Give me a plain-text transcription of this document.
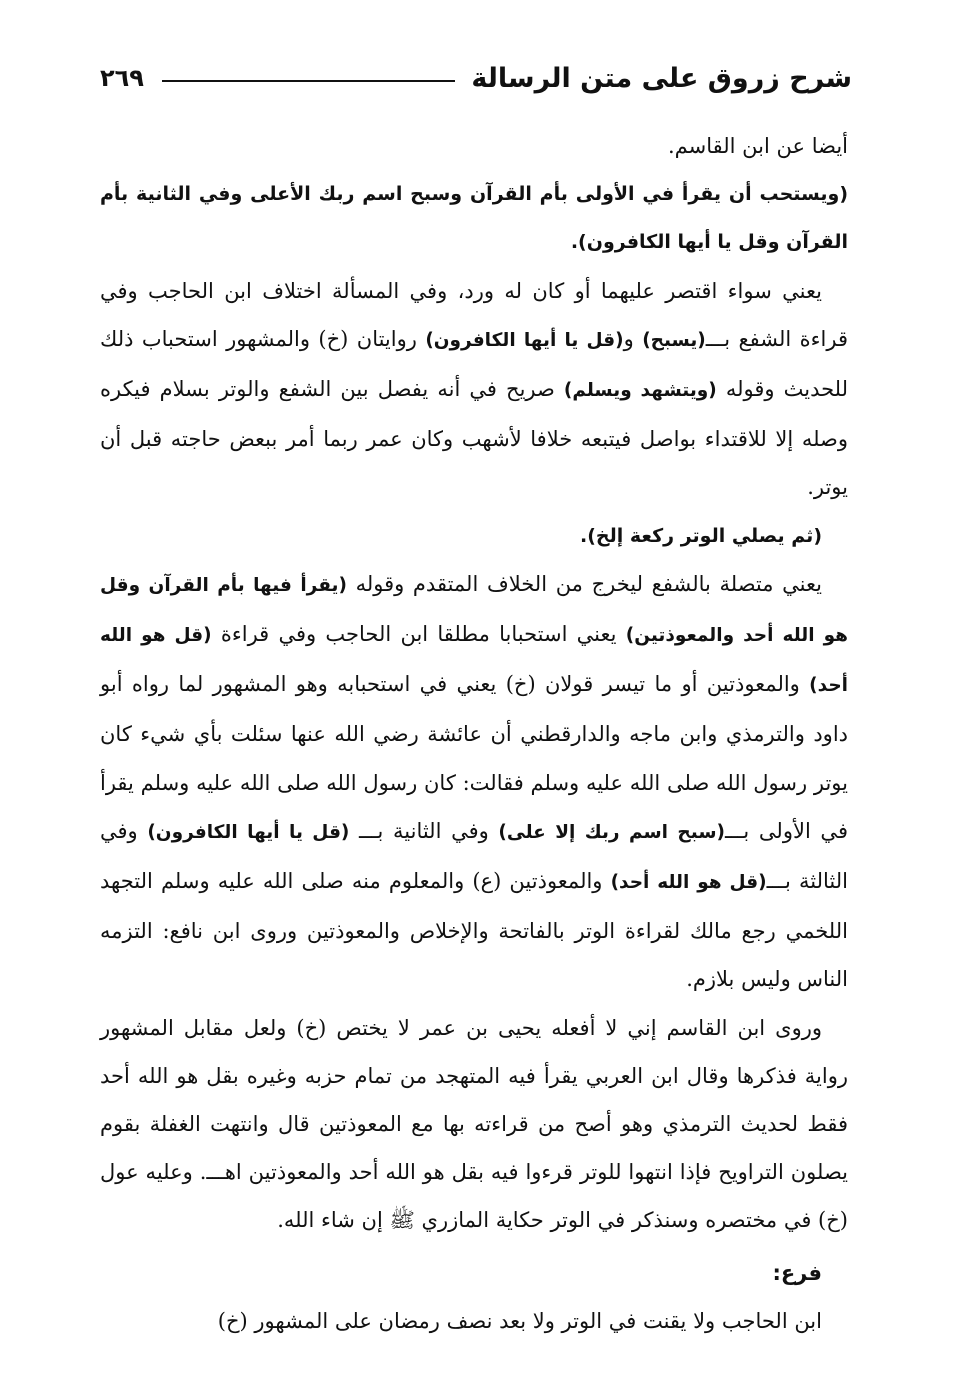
شرح زروق على متن الرسالة
٢٦٩

أيضا عن ابن القاسم.

(ويستحب أن يقرأ في الأولى بأم القرآن وسبح اسم ربك الأعلى وفي الثانية بأم القرآن وقل يا أيها الكافرون).

يعني سواء اقتصر عليهما أو كان له ورد، وفي المسألة اختلاف ابن الحاجب وفي قراءة الشفع بـــ(يسبح) و(قل يا أيها الكافرون) روايتان (خ) والمشهور استحباب ذلك للحديث وقوله (ويتشهد ويسلم) صريح في أنه يفصل بين الشفع والوتر بسلام فيكره وصله إلا للاقتداء بواصل فيتبعه خلافا لأشهب وكان عمر ربما أمر ببعض حاجته قبل أن يوتر.

(ثم يصلي الوتر ركعة إلخ).

يعني متصلة بالشفع ليخرج من الخلاف المتقدم وقوله (يقرأ فيها بأم القرآن وقل هو الله أحد والمعوذتين) يعني استحبابا مطلقا ابن الحاجب وفي قراءة (قل هو الله أحد) والمعوذتين أو ما تيسر قولان (خ) يعني في استحبابه وهو المشهور لما رواه أبو داود والترمذي وابن ماجه والدارقطني أن عائشة رضي الله عنها سئلت بأي شيء كان يوتر رسول الله صلى الله عليه وسلم فقالت: كان رسول الله صلى الله عليه وسلم يقرأ في الأولى بـــ(سبح اسم ربك إلا على) وفي الثانية بـــ (قل يا أيها الكافرون) وفي الثالثة بـــ(قل هو الله أحد) والمعوذتين (ع) والمعلوم منه صلى الله عليه وسلم التجهد اللخمي رجع مالك لقراءة الوتر بالفاتحة والإخلاص والمعوذتين وروى ابن نافع: التزمه الناس وليس بلازم.

وروى ابن القاسم إني لا أفعله يحيى بن عمر لا يختص (خ) ولعل مقابل المشهور رواية فذكرها وقال ابن العربي يقرأ فيه المتهجد من تمام حزبه وغيره بقل هو الله أحد فقط لحديث الترمذي وهو أصح من قراءته بها مع المعوذتين قال وانتهت الغفلة بقوم يصلون التراويح فإذا انتهوا للوتر قرءوا فيه بقل هو الله أحد والمعوذتين اهـــ. وعليه عول (خ) في مختصره وسنذكر في الوتر حكاية المازري ﷺ إن شاء الله.

فرع:

ابن الحاجب ولا يقنت في الوتر ولا بعد نصف رمضان على المشهور (خ)
